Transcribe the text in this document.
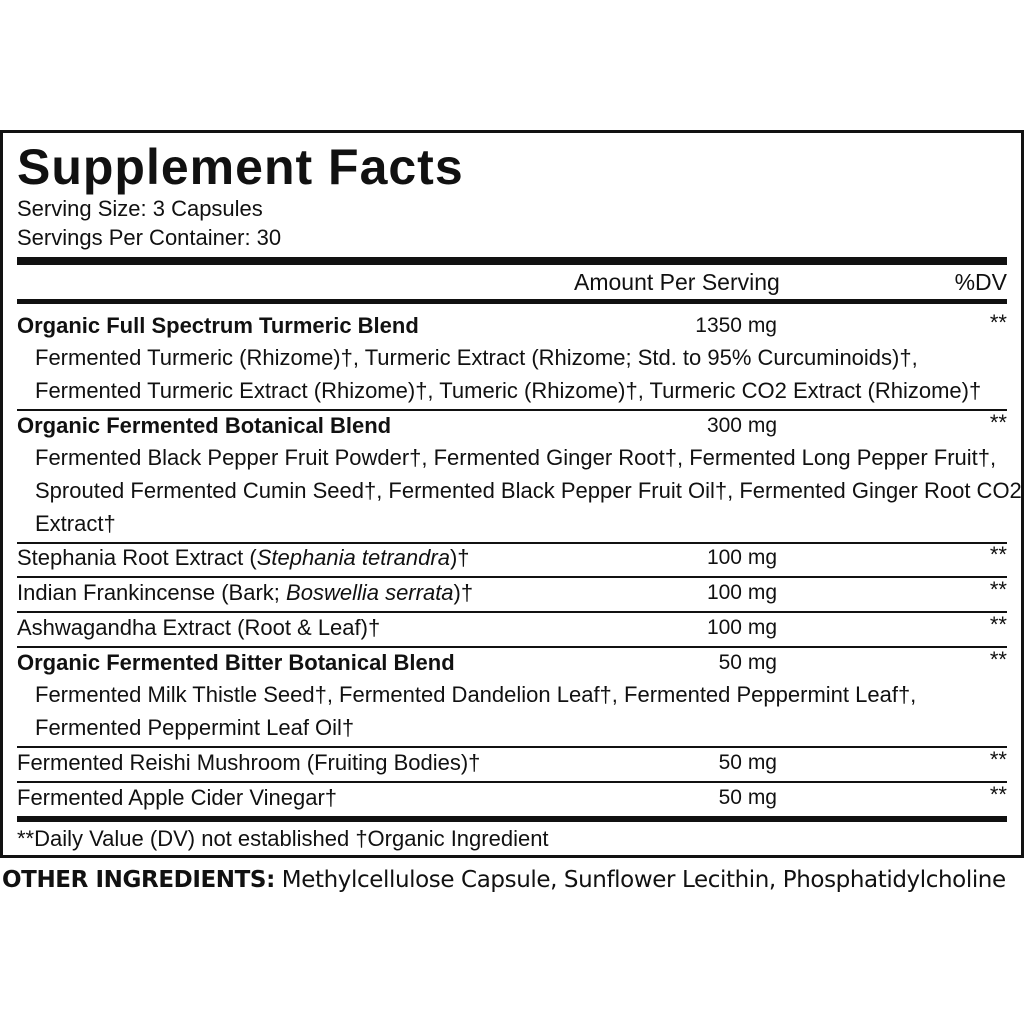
Supplement Facts
Serving Size: 3 Capsules
Servings Per Container: 30
Amount Per Serving	%DV
Organic Full Spectrum Turmeric Blend	1350 mg	**
Fermented Turmeric (Rhizome)†, Turmeric Extract (Rhizome; Std. to 95% Curcuminoids)†,
Fermented Turmeric Extract (Rhizome)†, Tumeric (Rhizome)†, Turmeric CO2 Extract (Rhizome)†
Organic Fermented Botanical Blend	300 mg	**
Fermented Black Pepper Fruit Powder†, Fermented Ginger Root†, Fermented Long Pepper Fruit†,
Sprouted Fermented Cumin Seed†, Fermented Black Pepper Fruit Oil†, Fermented Ginger Root CO2
Extract†
Stephania Root Extract (Stephania tetrandra)†	100 mg	**
Indian Frankincense (Bark; Boswellia serrata)†	100 mg	**
Ashwagandha Extract (Root & Leaf)†	100 mg	**
Organic Fermented Bitter Botanical Blend	50 mg	**
Fermented Milk Thistle Seed†, Fermented Dandelion Leaf†, Fermented Peppermint Leaf†,
Fermented Peppermint Leaf Oil†
Fermented Reishi Mushroom (Fruiting Bodies)†	50 mg	**
Fermented Apple Cider Vinegar†	50 mg	**
**Daily Value (DV) not established †Organic Ingredient
OTHER INGREDIENTS: Methylcellulose Capsule, Sunflower Lecithin, Phosphatidylcholine
